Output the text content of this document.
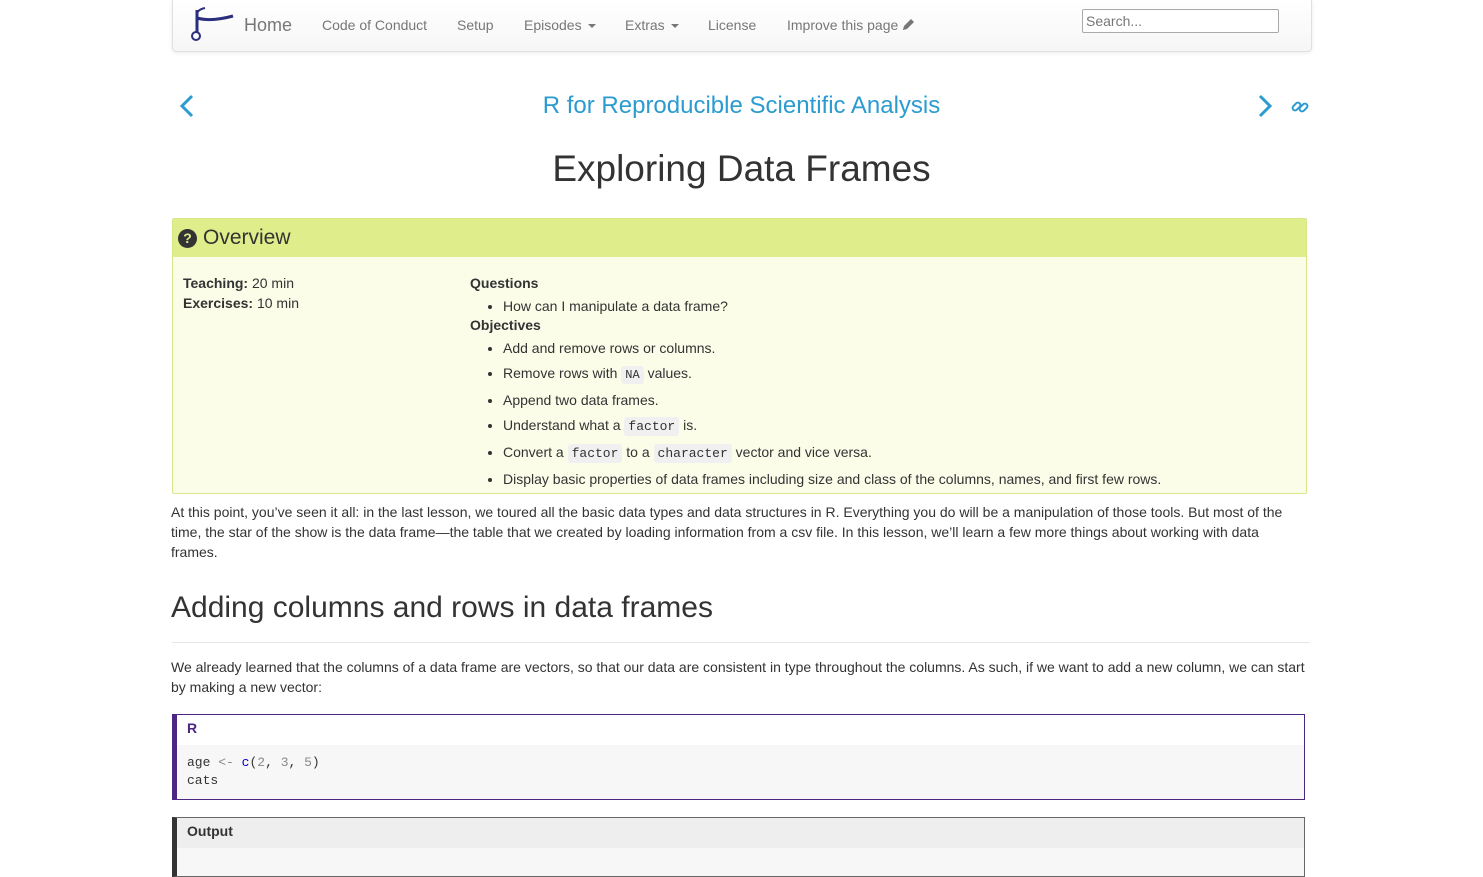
Home Code of Conduct Setup Episodes	Extras	License Improve this page
Search...
R for Reproducible Scientific Analysis
Exploring Data Frames
? Overview
Teaching: 20 min
Exercises: 10 min
Questions
• How can I manipulate a data frame?
Objectives
• Add and remove rows or columns.
• Remove rows with NA values.
• Append two data frames.
• Understand what a factor is.
• Convert a factor to a character vector and vice versa.
• Display basic properties of data frames including size and class of the columns, names, and first few rows.
At this point, you’ve seen it all: in the last lesson, we toured all the basic data types and data structures in R. Everything you do will be a manipulation of those tools. But most of the time, the star of the show is the data frame—the table that we created by loading information from a csv file. In this lesson, we’ll learn a few more things about working with data frames.
Adding columns and rows in data frames
We already learned that the columns of a data frame are vectors, so that our data are consistent in type throughout the columns. As such, if we want to add a new column, we can start by making a new vector:
R
age <- c(2, 3, 5)
cats
Output
